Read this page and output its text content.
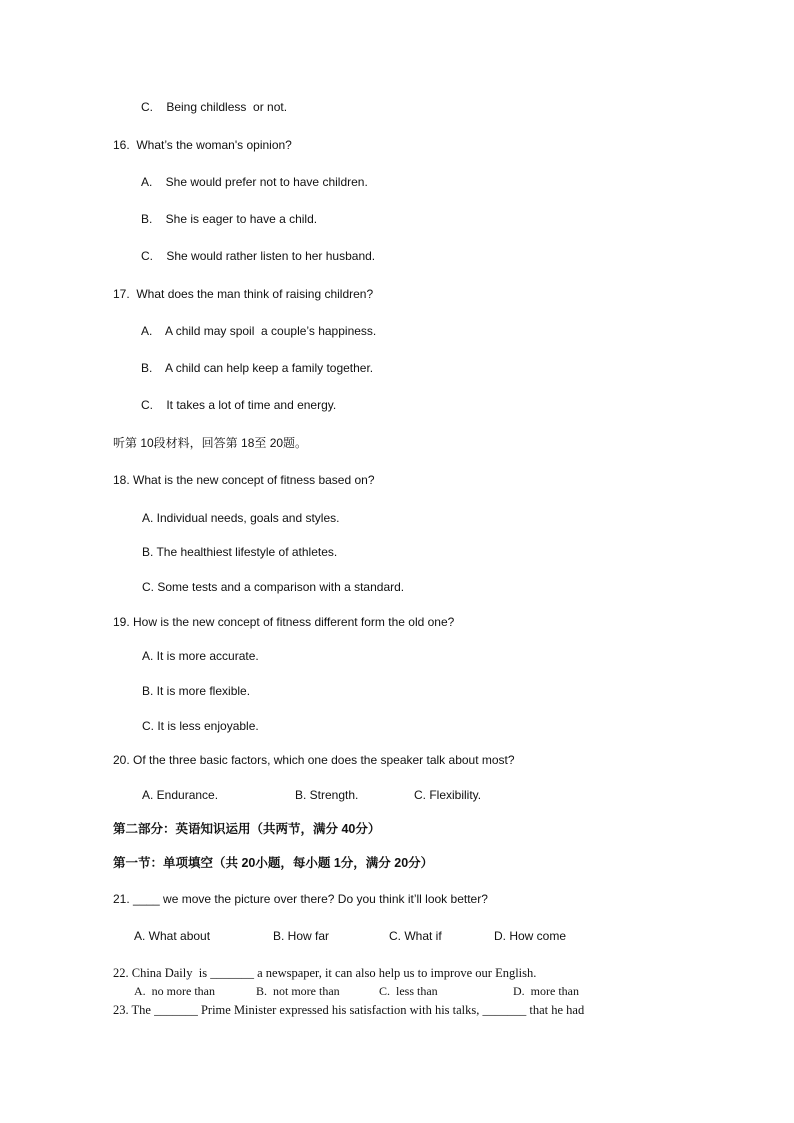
C.    Being childless  or not.
16.  What’s the woman's opinion?
A.    She would prefer not to have children.
B.    She is eager to have a child.
C.    She would rather listen to her husband.
17.  What does the man think of raising children?
A.    A child may spoil  a couple’s happiness.
B.    A child can help keep a family together.
C.    It takes a lot of time and energy.
听第 10段材料，回答第 18至 20题。
18. What is the new concept of fitness based on?
A. Individual needs, goals and styles.
B. The healthiest lifestyle of athletes.
C. Some tests and a comparison with a standard.
19. How is the new concept of fitness different form the old one?
A. It is more accurate.
B. It is more flexible.
C. It is less enjoyable.
20. Of the three basic factors, which one does the speaker talk about most?
A. Endurance.	B. Strength.	C. Flexibility.
第二部分：英语知识运用（共两节，满分 40分）
第一节：单项填空（共 20小题，每小题 1分，满分 20分）
21. ____ we move the picture over there? Do you think it’ll look better?
A. What about	B. How far	C. What if	D. How come
22. China Daily  is _______ a newspaper, it can also help us to improve our English.
A.  no more than	B.  not more than	C.  less than	D.  more than
23. The _______ Prime Minister expressed his satisfaction with his talks, _______ that he had
